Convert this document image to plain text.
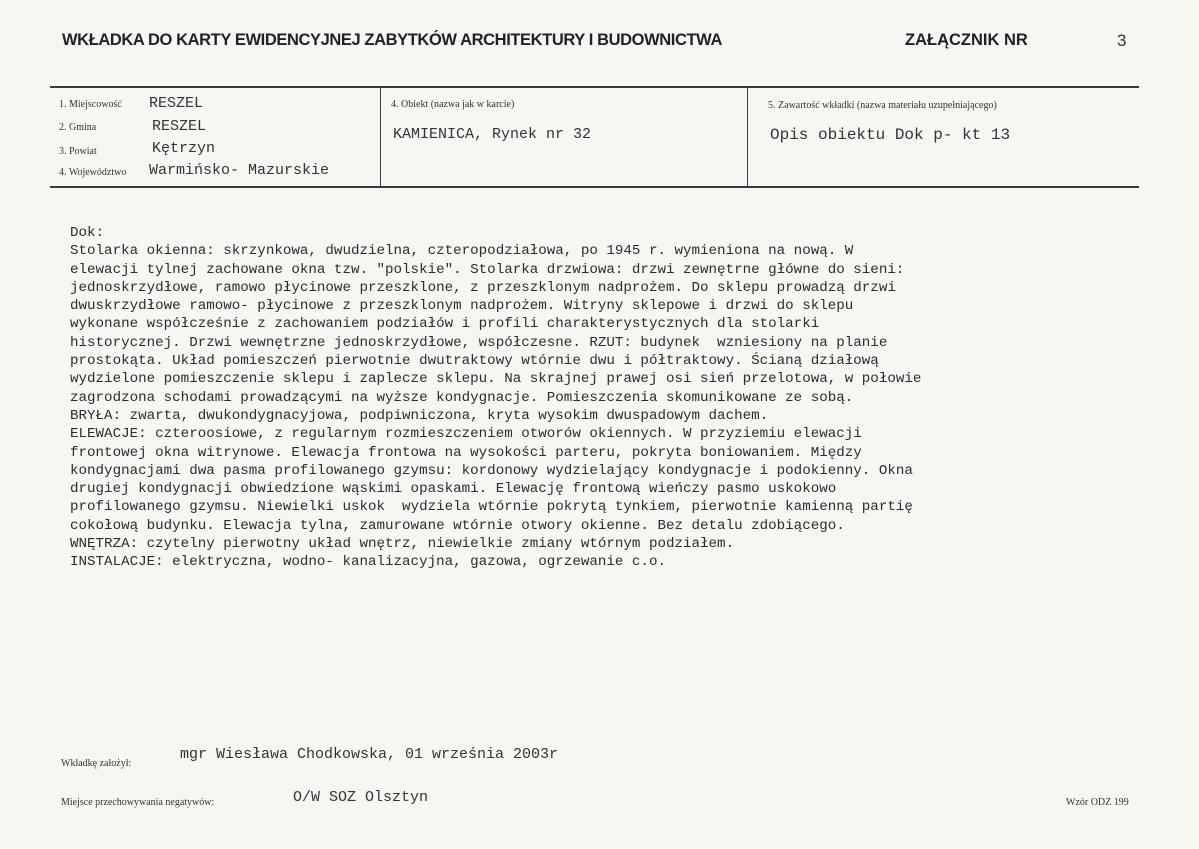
WKŁADKA DO KARTY EWIDENCYJNEJ ZABYTKÓW ARCHITEKTURY I BUDOWNICTWA	ZAŁĄCZNIK NR	3
1. Miejscowość RESZEL
2. Gmina	RESZEL
3. Powiat	Kętrzyn
4. Województwo Warmińsko- Mazurskie
4. Obiekt (nazwa jak w karcie)
KAMIENICA, Rynek nr 32
5. Zawartość wkładki (nazwa materiału uzupełniającego)
Opis obiektu Dok p- kt 13
Dok:
Stolarka okienna: skrzynkowa, dwudzielna, czteropodziałowa, po 1945 r. wymieniona na nową. W
elewacji tylnej zachowane okna tzw. "polskie". Stolarka drzwiowa: drzwi zewnętrne główne do sieni:
jednoskrzydłowe, ramowo płycinowe przeszklone, z przeszklonym nadprożem. Do sklepu prowadzą drzwi
dwuskrzydłowe ramowo- płycinowe z przeszklonym nadprożem. Witryny sklepowe i drzwi do sklepu
wykonane współcześnie z zachowaniem podziałów i profili charakterystycznych dla stolarki
historycznej. Drzwi wewnętrzne jednoskrzydłowe, współczesne. RZUT: budynek  wzniesiony na planie
prostokąta. Układ pomieszczeń pierwotnie dwutraktowy wtórnie dwu i półtraktowy. Ścianą działową
wydzielone pomieszczenie sklepu i zaplecze sklepu. Na skrajnej prawej osi sień przelotowa, w połowie
zagrodzona schodami prowadzącymi na wyższe kondygnacje. Pomieszczenia skomunikowane ze sobą.
BRYŁA: zwarta, dwukondygnacyjowa, podpiwniczona, kryta wysokim dwuspadowym dachem.
ELEWACJE: czteroosiowe, z regularnym rozmieszczeniem otworów okiennych. W przyziemiu elewacji
frontowej okna witrynowe. Elewacja frontowa na wysokości parteru, pokryta boniowaniem. Między
kondygnacjami dwa pasma profilowanego gzymsu: kordonowy wydzielający kondygnacje i podokienny. Okna
drugiej kondygnacji obwiedzione wąskimi opaskami. Elewację frontową wieńczy pasmo uskokowo
profilowanego gzymsu. Niewielki uskok  wydziela wtórnie pokrytą tynkiem, pierwotnie kamienną partię
cokołową budynku. Elewacja tylna, zamurowane wtórnie otwory okienne. Bez detalu zdobiącego.
WNĘTRZA: czytelny pierwotny układ wnętrz, niewielkie zmiany wtórnym podziałem.
INSTALACJE: elektryczna, wodno- kanalizacyjna, gazowa, ogrzewanie c.o.
Wkładkę założył:
mgr Wiesława Chodkowska, 01 września 2003r
Miejsce przechowywania negatywów:	O/W SOZ Olsztyn	Wzór ODZ 199
